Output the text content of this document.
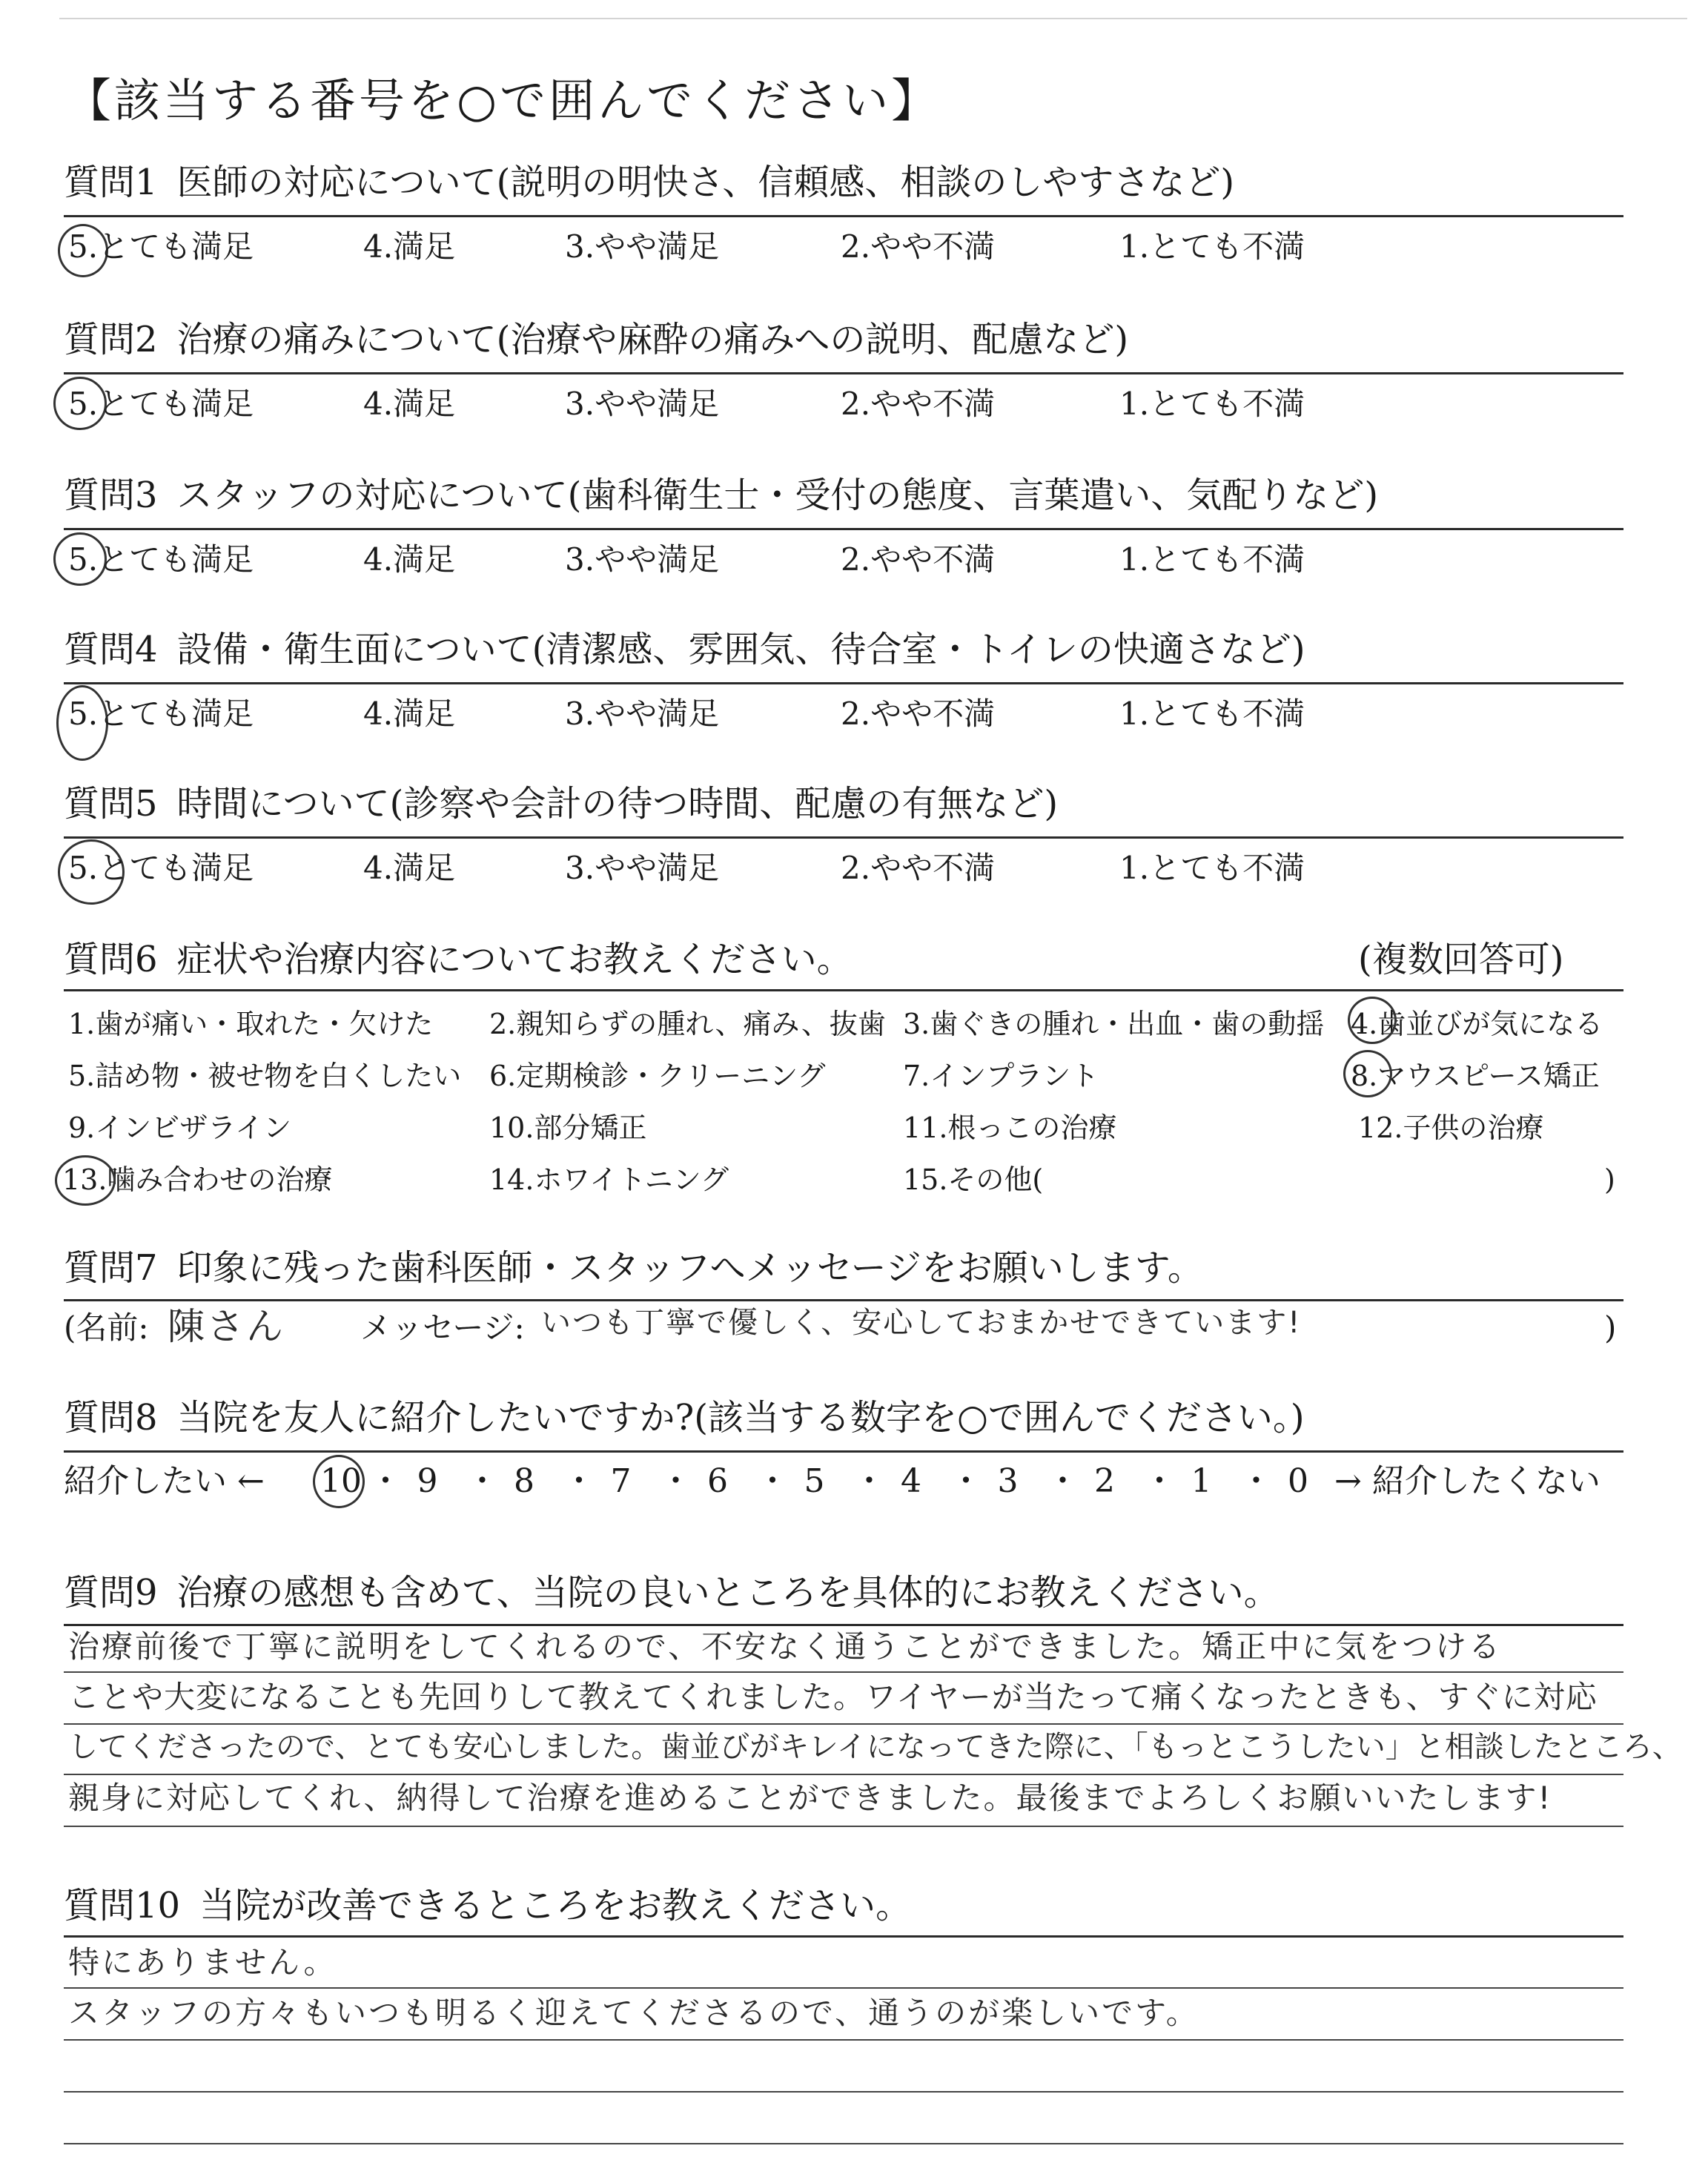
【該当する番号を○で囲んでください】
質問1 医師の対応について(説明の明快さ、信頼感、相談のしやすさなど)
5.とても満足	4.満足	3.やや満足	2.やや不満	1.とても不満
質問2 治療の痛みについて(治療や麻酔の痛みへの説明、配慮など)
5.とても満足	4.満足	3.やや満足	2.やや不満	1.とても不満
質問3 スタッフの対応について(歯科衛生士・受付の態度、言葉遣い、気配りなど)
5.とても満足	4.満足	3.やや満足	2.やや不満	1.とても不満
質問4 設備・衛生面について(清潔感、雰囲気、待合室・トイレの快適さなど)
5.とても満足	4.満足	3.やや満足	2.やや不満	1.とても不満
質問5 時間について(診察や会計の待つ時間、配慮の有無など)
5.とても満足	4.満足	3.やや満足	2.やや不満	1.とても不満
質問6 症状や治療内容についてお教えください。	(複数回答可)
1.歯が痛い・取れた・欠けた 2.親知らずの腫れ、痛み、抜歯 3.歯ぐきの腫れ・出血・歯の動揺 4.歯並びが気になる
5.詰め物・被せ物を白くしたい 6.定期検診・クリーニング	7.インプラント	8.マウスピース矯正
9.インビザライン	10.部分矯正	11.根っこの治療	12.子供の治療
13.噛み合わせの治療	14.ホワイトニング	15.その他(	)
質問7 印象に残った歯科医師・スタッフへメッセージをお願いします。
(名前: 陳さん メッセージ: いつも丁寧で優しく、安心しておまかせできています!	)
質問8 当院を友人に紹介したいですか?(該当する数字を○で囲んでください。)
紹介したい ←	→ 紹介したくない
10 ・ 9 ・ 8 ・ 7 ・ 6 ・ 5 ・ 4 ・ 3 ・ 2 ・ 1 ・ 0
質問9 治療の感想も含めて、当院の良いところを具体的にお教えください。
治療前後で丁寧に説明をしてくれるので、不安なく通うことができました。矯正中に気をつける
ことや大変になることも先回りして教えてくれました。ワイヤーが当たって痛くなったときも、すぐに対応
してくださったので、とても安心しました。歯並びがキレイになってきた際に、「もっとこうしたい」と相談したところ、
親身に対応してくれ、納得して治療を進めることができました。最後までよろしくお願いいたします!
質問10 当院が改善できるところをお教えください。
特にありません。
スタッフの方々もいつも明るく迎えてくださるので、通うのが楽しいです。
